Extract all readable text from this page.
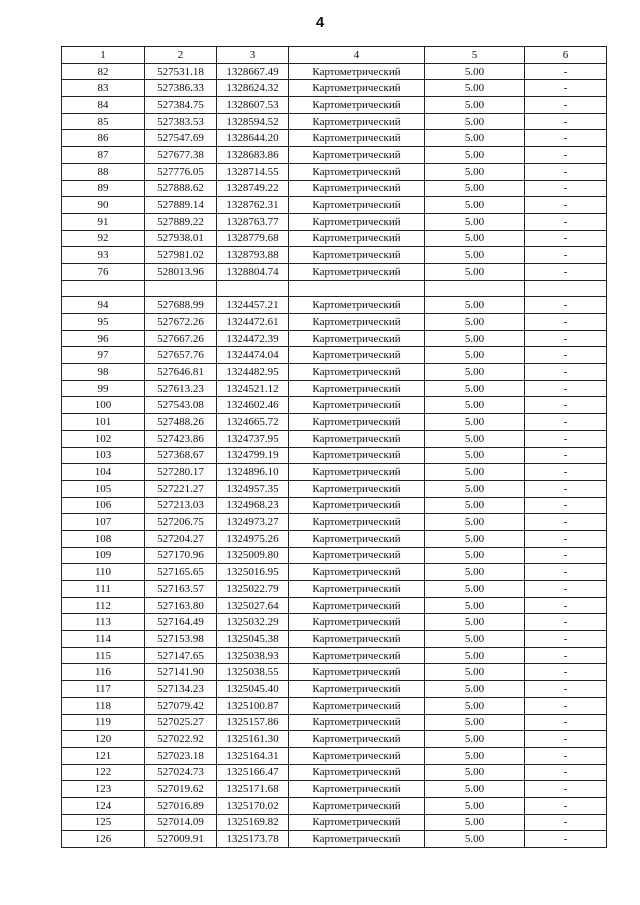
4
1	2	3	4	5	6
82	527531.18	1328667.49	Картометрический	5.00	-
83	527386.33	1328624.32	Картометрический	5.00	-
84	527384.75	1328607.53	Картометрический	5.00	-
85	527383.53	1328594.52	Картометрический	5.00	-
86	527547.69	1328644.20	Картометрический	5.00	-
87	527677.38	1328683.86	Картометрический	5.00	-
88	527776.05	1328714.55	Картометрический	5.00	-
89	527888.62	1328749.22	Картометрический	5.00	-
90	527889.14	1328762.31	Картометрический	5.00	-
91	527889.22	1328763.77	Картометрический	5.00	-
92	527938.01	1328779.68	Картометрический	5.00	-
93	527981.02	1328793.88	Картометрический	5.00	-
76	528013.96	1328804.74	Картометрический	5.00	-

94	527688.99	1324457.21	Картометрический	5.00	-
95	527672.26	1324472.61	Картометрический	5.00	-
96	527667.26	1324472.39	Картометрический	5.00	-
97	527657.76	1324474.04	Картометрический	5.00	-
98	527646.81	1324482.95	Картометрический	5.00	-
99	527613.23	1324521.12	Картометрический	5.00	-
100	527543.08	1324602.46	Картометрический	5.00	-
101	527488.26	1324665.72	Картометрический	5.00	-
102	527423.86	1324737.95	Картометрический	5.00	-
103	527368.67	1324799.19	Картометрический	5.00	-
104	527280.17	1324896.10	Картометрический	5.00	-
105	527221.27	1324957.35	Картометрический	5.00	-
106	527213.03	1324968.23	Картометрический	5.00	-
107	527206.75	1324973.27	Картометрический	5.00	-
108	527204.27	1324975.26	Картометрический	5.00	-
109	527170.96	1325009.80	Картометрический	5.00	-
110	527165.65	1325016.95	Картометрический	5.00	-
111	527163.57	1325022.79	Картометрический	5.00	-
112	527163.80	1325027.64	Картометрический	5.00	-
113	527164.49	1325032.29	Картометрический	5.00	-
114	527153.98	1325045.38	Картометрический	5.00	-
115	527147.65	1325038.93	Картометрический	5.00	-
116	527141.90	1325038.55	Картометрический	5.00	-
117	527134.23	1325045.40	Картометрический	5.00	-
118	527079.42	1325100.87	Картометрический	5.00	-
119	527025.27	1325157.86	Картометрический	5.00	-
120	527022.92	1325161.30	Картометрический	5.00	-
121	527023.18	1325164.31	Картометрический	5.00	-
122	527024.73	1325166.47	Картометрический	5.00	-
123	527019.62	1325171.68	Картометрический	5.00	-
124	527016.89	1325170.02	Картометрический	5.00	-
125	527014.09	1325169.82	Картометрический	5.00	-
126	527009.91	1325173.78	Картометрический	5.00	-
